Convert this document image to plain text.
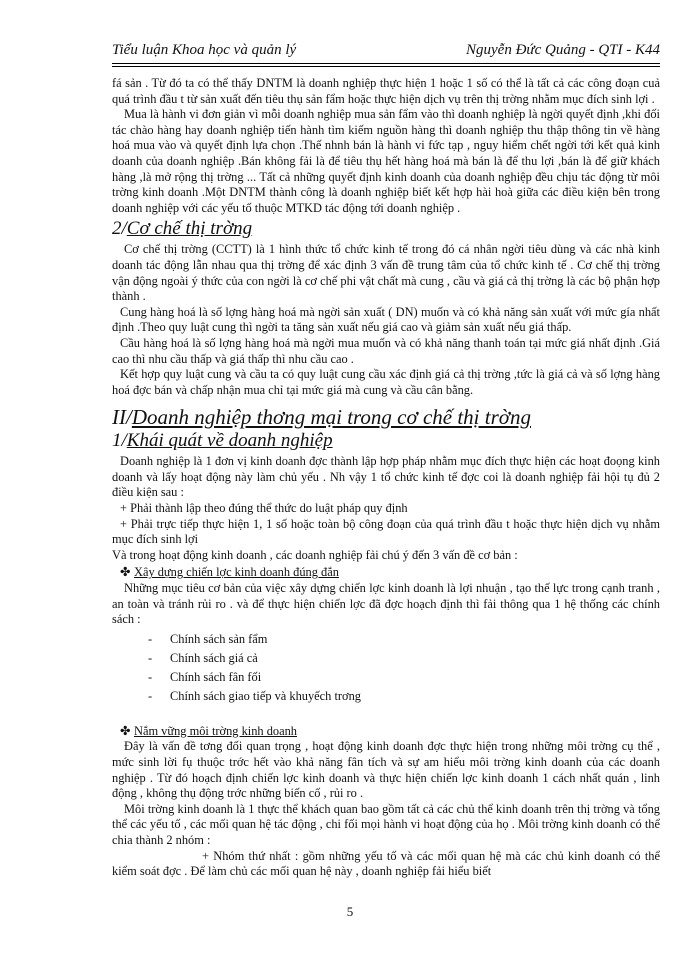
Tiểu luận Khoa học và quản lý	Nguyễn Đức Quảng - QTI - K44

fá sản . Từ đó ta có thể thấy DNTM là doanh nghiệp thực hiện 1 hoặc 1 số có thể là tất cả các công đoạn cuả quá trình đầu t từ sản xuất đến tiêu thụ sản fẩm hoặc thực hiện dịch vụ trên thị trờng nhằm mục đích sinh lợi .

Mua là hành vi đơn giản vì mỗi doanh nghiệp mua sản fẩm vào thì doanh nghiệp là ngời quyết định ,khi đối tác chào hàng hay doanh nghiệp tiến hành tìm kiếm nguồn hàng thì doanh nghiệp thu thập thông tin về hàng hoá mua vào và quyết định lựa chọn .Thế nhnh bán là hành vi fức tạp , nguy hiểm chết ngời tới kết quả kinh doanh của doanh nghiệp .Bán không fải là để tiêu thụ hết hàng hoá mà bán là để thu lợi ,bán là để giữ khách hàng ,là mở rộng thị trờng ... Tất cả những quyết định kinh doanh của doanh nghiệp đều chịu tác động từ môi trờng kinh doanh .Một DNTM thành công là doanh nghiệp biết kết hợp hài hoà giữa các điều kiện bên trong doanh nghiệp với các yếu tố thuộc MTKD tác động tới doanh nghiệp .

2/Cơ chế thị trờng

Cơ chế thị trờng (CCTT) là 1 hình thức tổ chức kinh tế trong đó cá nhân ngời tiêu dùng và các nhà kinh doanh tác động lẫn nhau qua thị trờng để xác định 3 vấn đề trung tâm của tổ chức kinh tế . Cơ chế thị trờng vận động ngoài ý thức của con ngời là cơ chế phi vật chất mà cung , cầu và giá cả thị trờng là các bộ phận hợp thành .

Cung hàng hoá là số lợng hàng hoá mà ngời sản xuất ( DN) muốn và có khả năng sản xuất với mức gía nhất định .Theo quy luật cung thì ngời ta tăng sản xuất nếu giá cao và giảm sản xuất nếu giá thấp.

Cầu hàng hoá là số lợng hàng hoá mà ngời mua muốn và có khả năng thanh toán tại mức giá nhất định .Giá cao thì nhu cầu thấp và giá thấp thì nhu cầu cao .

Kết hợp quy luật cung và cầu ta có quy luật cung cầu xác định giá cả thị trờng ,tức là giá cả và số lợng hàng hoá đợc bán và chấp nhận mua chỉ tại mức giá mà cung và cầu cân bằng.

II/Doanh nghiệp thơng mại trong cơ chế thị trờng
1/Khái quát về doanh nghiệp

Doanh nghiệp là 1 đơn vị kinh doanh đợc thành lập hợp pháp nhằm mục đích thực hiện các hoạt đoọng kinh doanh và lấy hoạt động này làm chủ yếu . Nh vậy 1 tổ chức kinh tế đợc coi là doanh nghiệp fải hội tụ đủ 2 điều kiện sau :

+ Phải thành lập theo đúng thể thức do luật pháp quy định

+ Phải trực tiếp thực hiện 1, 1 số hoặc toàn bộ công đoạn của quá trình đầu t hoặc thực hiện dịch vụ nhằm mục đích sinh lợi

Và trong hoạt động kinh doanh , các doanh nghiệp fải chú ý đến 3 vấn đề cơ bản :

✤ Xây dựng chiến lợc kinh doanh đúng đắn

Những mục tiêu cơ bản của việc xây dựng chiến lợc kinh doanh là lợi nhuận , tạo thế lực trong cạnh tranh , an toàn và tránh rủi ro . và để thực hiện chiến lợc đã đợc hoạch định thì fải thông qua 1 hệ thống các chính sách :

- Chính sách sản fẩm
- Chính sách giá cả
- Chính sách fân fối
- Chính sách giao tiếp và khuyếch trơng
✤ Nắm vững môi trờng kinh doanh

Đây là vấn đề tơng đối quan trọng , hoạt động kinh doanh đợc thực hiện trong những môi trờng cụ thể , mức sinh lời fụ thuộc trớc hết vào khả năng fân tích và sự am hiểu môi trờng kinh doanh của các doanh nghiệp . Từ đó hoạch định chiến lợc kinh doanh và thực hiện chiến lợc kinh doanh 1 cách nhất quán , linh động , không thụ động trớc những biến cố , rủi ro .

Môi trờng kinh doanh là 1 thực thể khách quan bao gồm tất cả các chủ thể kinh doanh trên thị trờng và tổng thể các yếu tố , các mối quan hệ tác động , chi fối mọi hành vi hoạt động của họ . Môi trờng kinh doanh có thể chia thành 2 nhóm :

+ Nhóm thứ nhất : gồm những yếu tố và các mối quan hệ mà các chủ kinh doanh có thể kiểm soát đợc . Để làm chủ các mối quan hệ này , doanh nghiệp fải hiểu biết

5
